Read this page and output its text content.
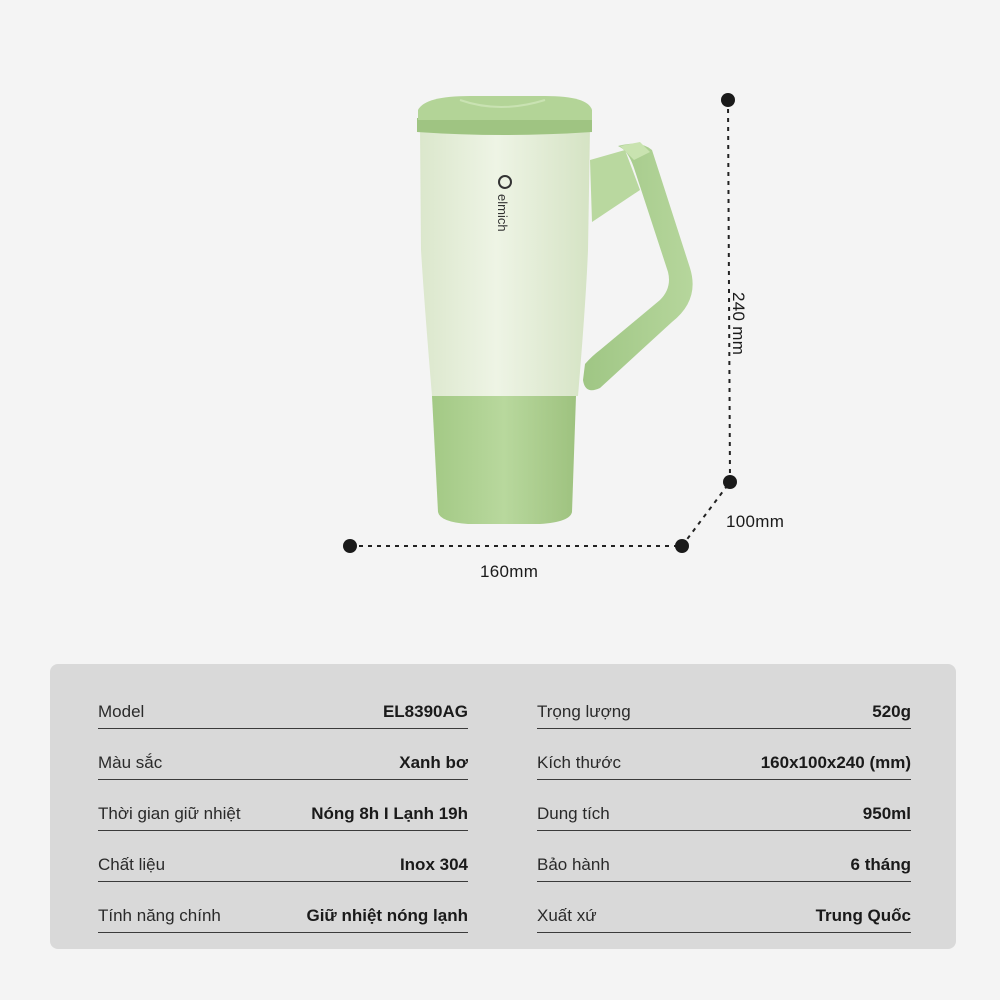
elmich
160mm
100mm
240 mm
Model	EL8390AG
Màu sắc	Xanh bơ
Thời gian giữ nhiệt	Nóng 8h I Lạnh 19h
Chất liệu	Inox 304
Tính năng chính	Giữ nhiệt nóng lạnh
Trọng lượng	520g
Kích thước	160x100x240 (mm)
Dung tích	950ml
Bảo hành	6 tháng
Xuất xứ	Trung Quốc
